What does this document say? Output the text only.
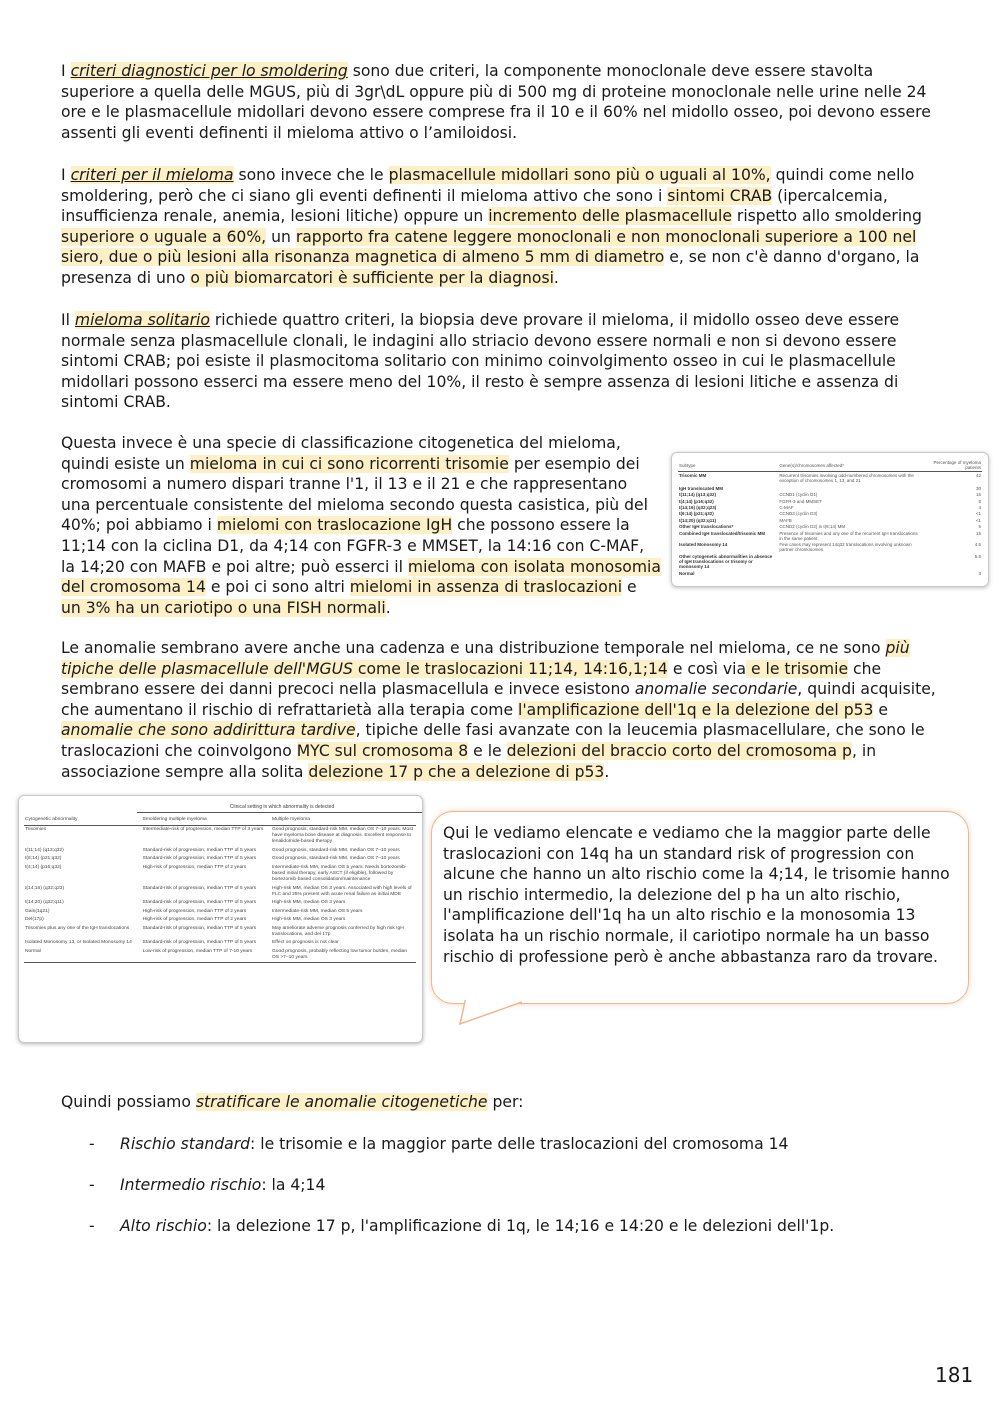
I criteri diagnostici per lo smoldering sono due criteri, la componente monoclonale deve essere stavolta superiore a quella delle MGUS, più di 3gr\dL oppure più di 500 mg di proteine monoclonale nelle urine nelle 24 ore e le plasmacellule midollari devono essere comprese fra il 10 e il 60% nel midollo osseo, poi devono essere assenti gli eventi definenti il mieloma attivo o l’amiloidosi.

I criteri per il mieloma sono invece che le plasmacellule midollari sono più o uguali al 10%, quindi come nello smoldering, però che ci siano gli eventi definenti il mieloma attivo che sono i sintomi CRAB (ipercalcemia, insufficienza renale, anemia, lesioni litiche) oppure un incremento delle plasmacellule rispetto allo smoldering superiore o uguale a 60%, un rapporto fra catene leggere monoclonali e non monoclonali superiore a 100 nel siero, due o più lesioni alla risonanza magnetica di almeno 5 mm di diametro e, se non c'è danno d'organo, la presenza di uno o più biomarcatori è sufficiente per la diagnosi.

Il mieloma solitario richiede quattro criteri, la biopsia deve provare il mieloma, il midollo osseo deve essere normale senza plasmacellule clonali, le indagini allo striacio devono essere normali e non si devono essere sintomi CRAB; poi esiste il plasmocitoma solitario con minimo coinvolgimento osseo in cui le plasmacellule midollari possono esserci ma essere meno del 10%, il resto è sempre assenza di lesioni litiche e assenza di sintomi CRAB.

Questa invece è una specie di classificazione citogenetica del mieloma, quindi esiste un mieloma in cui ci sono ricorrenti trisomie per esempio dei cromosomi a numero dispari tranne l'1, il 13 e il 21 e che rappresentano una percentuale consistente del mieloma secondo questa casistica, più del 40%; poi abbiamo i mielomi con traslocazione IgH che possono essere la 11;14 con la ciclina D1, da 4;14 con FGFR-3 e MMSET, la 14:16 con C-MAF, la 14;20 con MAFB e poi altre; può esserci il mieloma con isolata monosomia del cromosoma 14 e poi ci sono altri mielomi in assenza di traslocazioni e un 3% ha un cariotipo o una FISH normali.

Subtype	Gene(s)/chromosomes affected*	Percentage of myeloma patients
Trisomic MM	Recurrent trisomies involving odd-numbered chromosomes with the exception of chromosomes 1, 13, and 21	42

IgH translocated MM		30
t(11;14) (q13;q32)	CCND1 (cyclin D1)	15
t(4;14) (p16;q32)	FGFR-3 and MMSET	6
t(14;16) (q32;q23)	C-MAF	4
t(6;14) (p21;q32)	CCND3 (cyclin D3)	<1
t(14;20) (q32;q11)	MAFB	<1
Other IgH translocations*	CCND2 (cyclin D2) in t(8;14) MM	5
Combined IgH translocated/trisomic MM	Presence of trisomies and any one of the recurrent IgH translocations in the same patient	15
Isolated Monosomy 14	Few cases may represent 14q32 translocations involving unknown partner chromosomes	4.5
Other cytogenetic abnormalities in absence of IgH translocations or trisomy or monosomy 14		5.5
Normal		3

Le anomalie sembrano avere anche una cadenza e una distribuzione temporale nel mieloma, ce ne sono più tipiche delle plasmacellule dell'MGUS come le traslocazioni 11;14, 14:16,1;14 e così via e le trisomie che sembrano essere dei danni precoci nella plasmacellula e invece esistono anomalie secondarie, quindi acquisite, che aumentano il rischio di refrattarietà alla terapia come l'amplificazione dell'1q e la delezione del p53 e anomalie che sono addirittura tardive, tipiche delle fasi avanzate con la leucemia plasmacellulare, che sono le traslocazioni che coinvolgono MYC sul cromosoma 8 e le delezioni del braccio corto del cromosoma p, in associazione sempre alla solita delezione 17 p che a delezione di p53.

Clinical setting in which abnormality is detected
Cytogenetic abnormality	Smoldering multiple myeloma	Multiple myeloma
Trisomies	Intermediate-risk of progression, median TTP of 3 years	Good prognosis, standard-risk MM, median OS 7–10 years. Most have myeloma bone disease at diagnosis. Excellent response to lenalidomide-based therapy
t(11;14) (q13;q32)	Standard-risk of progression, median TTP of 5 years	Good prognosis, standard-risk MM, median OS 7–10 years
t(6;14) (p21;q32)	Standard-risk of progression, median TTP of 5 years	Good prognosis, standard-risk MM, median OS 7–10 years
t(4;14) (p16;q32)	High-risk of progression, median TTP of 2 years	Intermediate-risk MM, median OS 5 years. Needs bortezomib-based initial therapy, early ASCT (if eligible), followed by bortezomib-based consolidation/maintenance
t(14;16) (q32;q23)	Standard-risk of progression, median TTP of 5 years	High-risk MM, median OS 3 years. Associated with high levels of FLC and 25% present with acute renal failure as initial MDE
t(14;20) (q32;q11)	Standard-risk of progression, median TTP of 5 years	High-risk MM, median OS 3 years
Gain(1q21)	High-risk of progression, median TTP of 2 years	Intermediate-risk MM, median OS 5 years
Del(17p)	High-risk of progression, median TTP of 2 years	High-risk MM, median OS 3 years
Trisomies plus any one of the IgH translocations	Standard-risk of progression, median TTP of 5 years	May ameliorate adverse prognosis conferred by high risk IgH translocations, and del 17p
Isolated Monosomy 13, or Isolated Monosomy 14	Standard-risk of progression, median TTP of 5 years	Effect on prognosis is not clear
Normal	Low-risk of progression, median TTP of 7-10 years	Good prognosis, probably reflecting low tumor burden, median OS >7–10 years

Qui le vediamo elencate e vediamo che la maggior parte delle traslocazioni con 14q ha un standard risk of progression con alcune che hanno un alto rischio come la 4;14, le trisomie hanno un rischio intermedio, la delezione del p ha un alto rischio, l'amplificazione dell'1q ha un alto rischio e la monosomia 13 isolata ha un rischio normale, il cariotipo normale ha un basso rischio di professione però è anche abbastanza raro da trovare.

Quindi possiamo stratificare le anomalie citogenetiche per:

- Rischio standard: le trisomie e la maggior parte delle traslocazioni del cromosoma 14
- Intermedio rischio: la 4;14
- Alto rischio: la delezione 17 p, l'amplificazione di 1q, le 14;16 e 14:20 e le delezioni dell'1p.
181
